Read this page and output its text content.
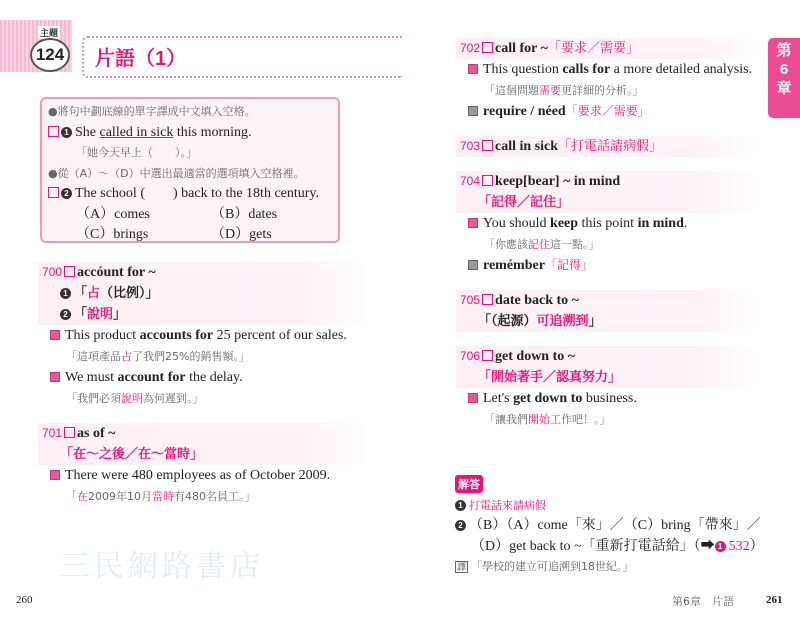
主題
124 片語（1）
●將句中劃底線的單字譯成中文填入空格。
1 She called in sick this morning.
「她今天早上（　　）。」
●從（A）～（D）中選出最適當的選項填入空格裡。
2 The school (　　) back to the 18th century.
（A）comes	（B）dates
（C）brings	（D）gets
700 accóunt for ~
1 「占（比例）」
2 「說明」
This product accounts for 25 percent of our sales.
「這項產品占了我們25%的銷售額。」
We must account for the delay.
「我們必須說明為何遲到。」
701 as of ~
「在～之後／在～當時」
There were 480 employees as of October 2009.
「在2009年10月當時有480名員工。」
702 call for ~「要求／需要」
This question calls for a more detailed analysis.
「這個問題需要更詳細的分析。」
require / néed「要求／需要」
703 call in sick「打電話請病假」
704 keep[bear] ~ in mind
「記得／記住」
You should keep this point in mind.
「你應該記住這一點。」
remémber「記得」
705 date back to ~
「（起源）可追溯到」
706 get down to ~
「開始著手／認真努力」
Let's get down to business.
「讓我們開始工作吧！。」
第
6
章
三民網路書店
解答
1 打電話來請病假
2 （B）（A）come「來」／（C）bring「帶來」／
（D）get back to ~「重新打電話給」（➡ 1 532）
譯 「學校的建立可追溯到18世紀。」
260	第6章　片語	261
